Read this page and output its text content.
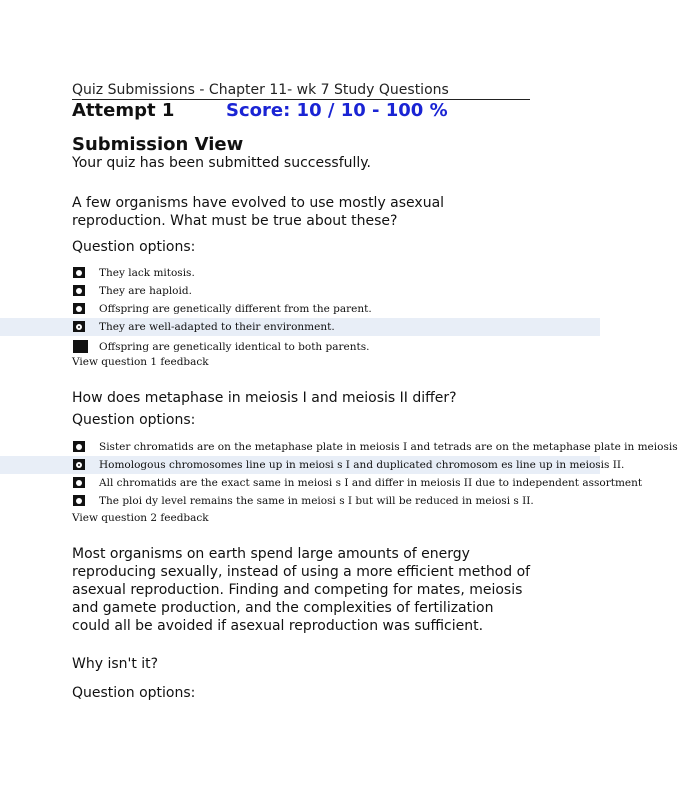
Quiz Submissions - Chapter 11- wk 7 Study Questions
Attempt 1	Score: 10 / 10 - 100 %
Submission View
Your quiz has been submitted successfully.
A few organisms have evolved to use mostly asexual reproduction. What must be true about these?
Question options:
They lack mitosis.
They are haploid.
Offspring are genetically different from the parent.
They are well-adapted to their environment.
Offspring are genetically identical to both parents.
View question 1 feedback
How does metaphase in meiosis I and meiosis II differ?
Question options:
Sister chromatids are on the metaphase plate in meiosis I and tetrads are on the metaphase plate in meiosis
Homologous chromosomes line up in meiosi s I and duplicated chromosom es line up in meiosis II.
All chromatids are the exact same in meiosi s I and differ in meiosis II due to independent assortment
The ploi dy level remains the same in meiosi s I but will be reduced in meiosi s II.
View question 2 feedback
Most organisms on earth spend large amounts of energy reproducing sexually, instead of using a more efficient method of asexual reproduction. Finding and competing for mates, meiosis and gamete production, and the complexities of fertilization could all be avoided if asexual reproduction was sufficient.
Why isn't it?
Question options:
